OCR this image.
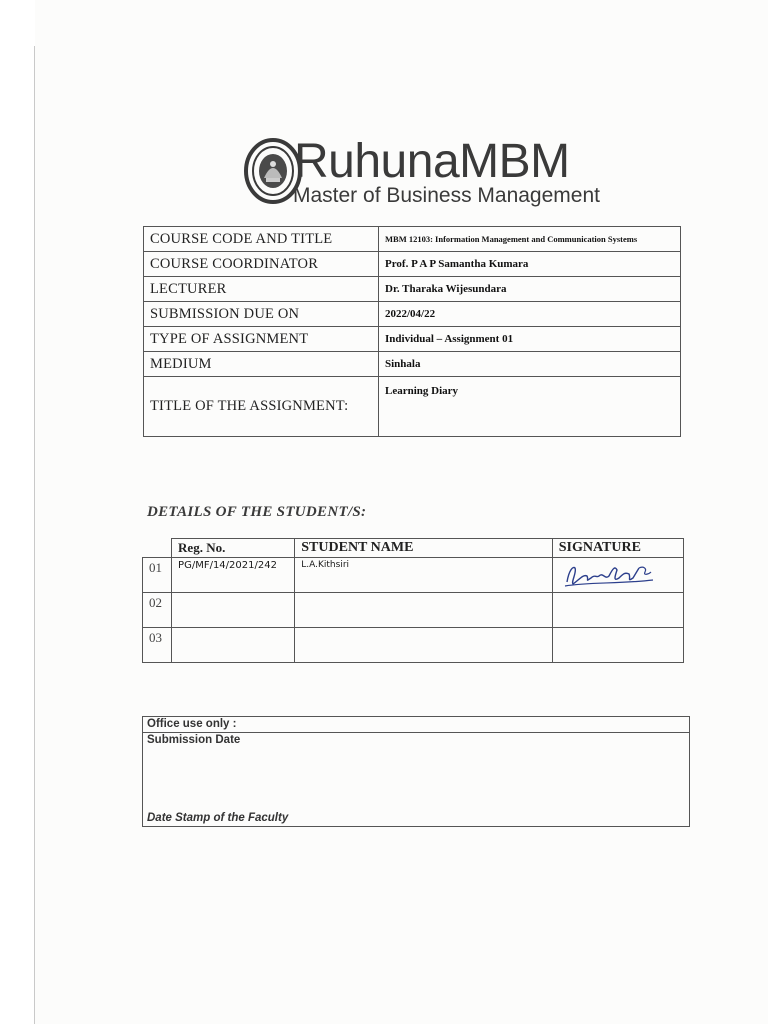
RuhunaMBM
Master of Business Management
COURSE CODE AND TITLE	MBM 12103: Information Management and Communication Systems
COURSE COORDINATOR	Prof. P A P Samantha Kumara
LECTURER	Dr. Tharaka Wijesundara
SUBMISSION DUE ON	2022/04/22
TYPE OF ASSIGNMENT	Individual – Assignment 01
MEDIUM	Sinhala
TITLE OF THE ASSIGNMENT:	Learning Diary
DETAILS OF THE STUDENT/S:
	Reg. No.	STUDENT NAME	SIGNATURE
01	PG/MF/14/2021/242	L.A.Kithsiri	

02			
03			
Office use only :
Submission Date
Date Stamp of the Faculty
